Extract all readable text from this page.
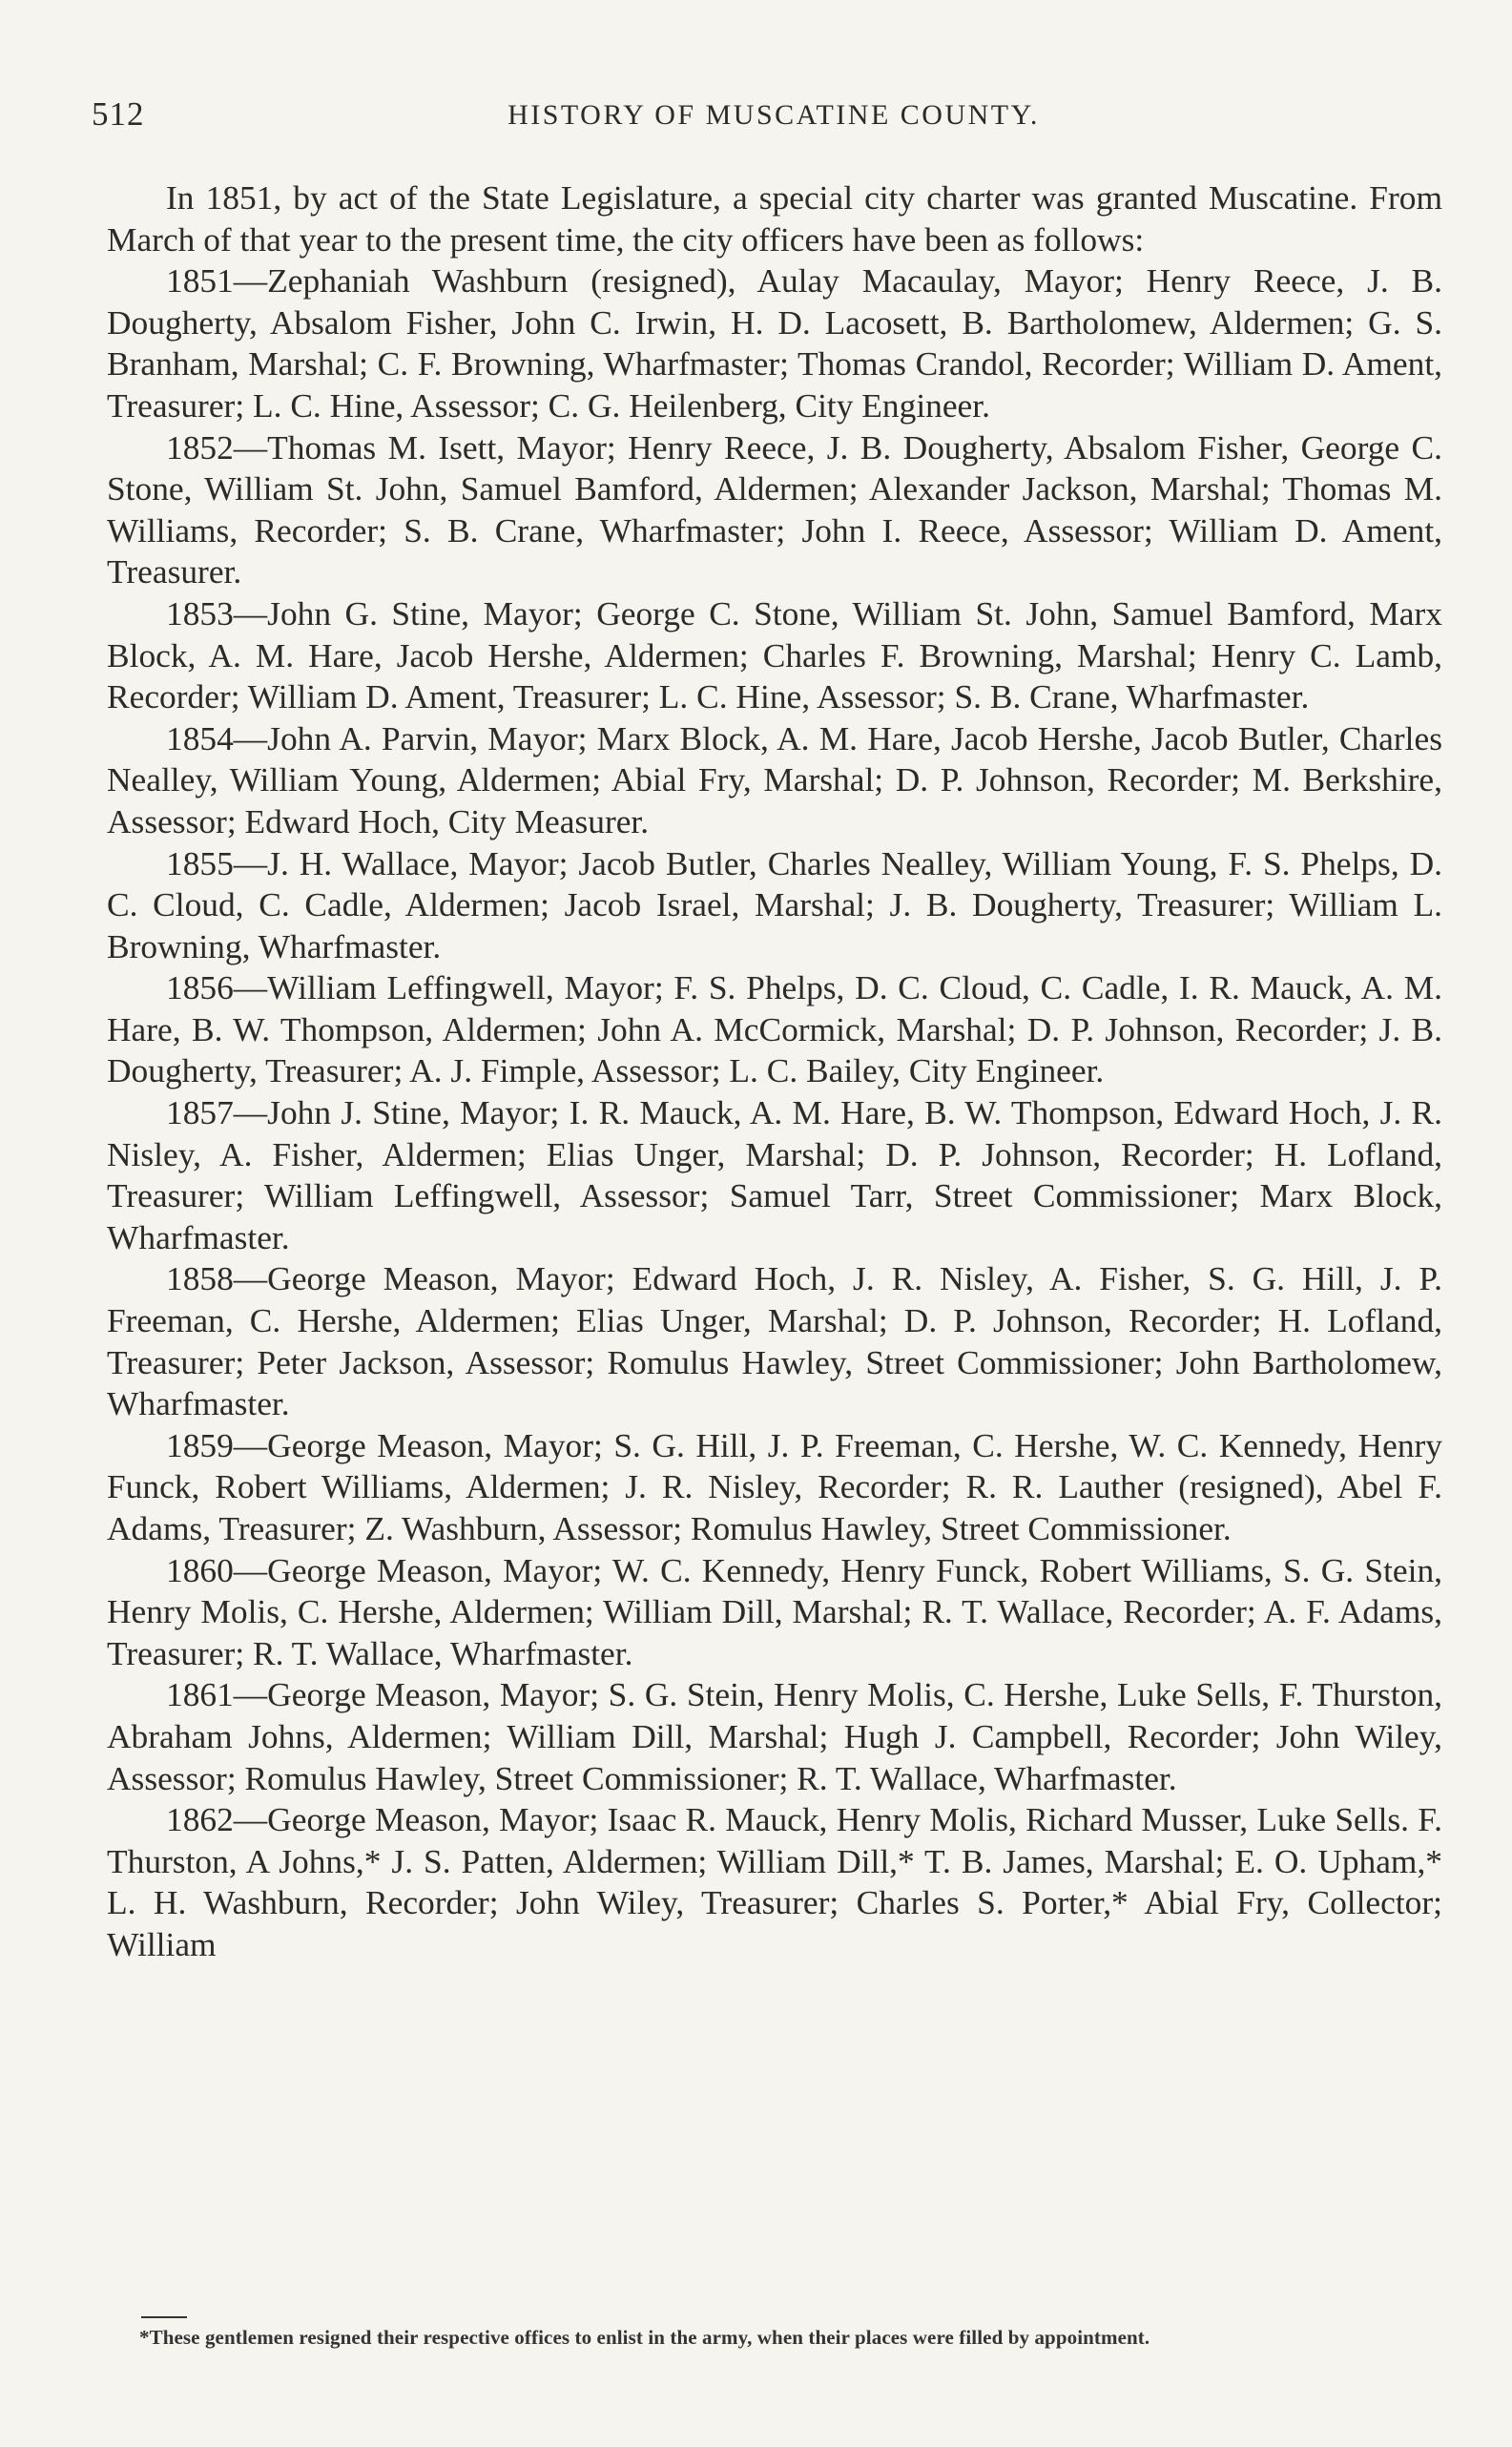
512	HISTORY OF MUSCATINE COUNTY.

In 1851, by act of the State Legislature, a special city charter was granted Muscatine. From March of that year to the present time, the city officers have been as follows:

1851—Zephaniah Washburn (resigned), Aulay Macaulay, Mayor; Henry Reece, J. B. Dougherty, Absalom Fisher, John C. Irwin, H. D. Lacosett, B. Bartholomew, Aldermen; G. S. Branham, Marshal; C. F. Browning, Wharfmaster; Thomas Crandol, Recorder; William D. Ament, Treasurer; L. C. Hine, Assessor; C. G. Heilenberg, City Engineer.

1852—Thomas M. Isett, Mayor; Henry Reece, J. B. Dougherty, Absalom Fisher, George C. Stone, William St. John, Samuel Bamford, Aldermen; Alexander Jackson, Marshal; Thomas M. Williams, Recorder; S. B. Crane, Wharfmaster; John I. Reece, Assessor; William D. Ament, Treasurer.

1853—John G. Stine, Mayor; George C. Stone, William St. John, Samuel Bamford, Marx Block, A. M. Hare, Jacob Hershe, Aldermen; Charles F. Browning, Marshal; Henry C. Lamb, Recorder; William D. Ament, Treasurer; L. C. Hine, Assessor; S. B. Crane, Wharfmaster.

1854—John A. Parvin, Mayor; Marx Block, A. M. Hare, Jacob Hershe, Jacob Butler, Charles Nealley, William Young, Aldermen; Abial Fry, Marshal; D. P. Johnson, Recorder; M. Berkshire, Assessor; Edward Hoch, City Measurer.

1855—J. H. Wallace, Mayor; Jacob Butler, Charles Nealley, William Young, F. S. Phelps, D. C. Cloud, C. Cadle, Aldermen; Jacob Israel, Marshal; J. B. Dougherty, Treasurer; William L. Browning, Wharfmaster.

1856—William Leffingwell, Mayor; F. S. Phelps, D. C. Cloud, C. Cadle, I. R. Mauck, A. M. Hare, B. W. Thompson, Aldermen; John A. McCormick, Marshal; D. P. Johnson, Recorder; J. B. Dougherty, Treasurer; A. J. Fimple, Assessor; L. C. Bailey, City Engineer.

1857—John J. Stine, Mayor; I. R. Mauck, A. M. Hare, B. W. Thompson, Edward Hoch, J. R. Nisley, A. Fisher, Aldermen; Elias Unger, Marshal; D. P. Johnson, Recorder; H. Lofland, Treasurer; William Leffingwell, Assessor; Samuel Tarr, Street Commissioner; Marx Block, Wharfmaster.

1858—George Meason, Mayor; Edward Hoch, J. R. Nisley, A. Fisher, S. G. Hill, J. P. Freeman, C. Hershe, Aldermen; Elias Unger, Marshal; D. P. Johnson, Recorder; H. Lofland, Treasurer; Peter Jackson, Assessor; Romulus Hawley, Street Commissioner; John Bartholomew, Wharfmaster.

1859—George Meason, Mayor; S. G. Hill, J. P. Freeman, C. Hershe, W. C. Kennedy, Henry Funck, Robert Williams, Aldermen; J. R. Nisley, Recorder; R. R. Lauther (resigned), Abel F. Adams, Treasurer; Z. Washburn, Assessor; Romulus Hawley, Street Commissioner.

1860—George Meason, Mayor; W. C. Kennedy, Henry Funck, Robert Williams, S. G. Stein, Henry Molis, C. Hershe, Aldermen; William Dill, Marshal; R. T. Wallace, Recorder; A. F. Adams, Treasurer; R. T. Wallace, Wharfmaster.

1861—George Meason, Mayor; S. G. Stein, Henry Molis, C. Hershe, Luke Sells, F. Thurston, Abraham Johns, Aldermen; William Dill, Marshal; Hugh J. Campbell, Recorder; John Wiley, Assessor; Romulus Hawley, Street Commissioner; R. T. Wallace, Wharfmaster.

1862—George Meason, Mayor; Isaac R. Mauck, Henry Molis, Richard Musser, Luke Sells. F. Thurston, A Johns,* J. S. Patten, Aldermen; William Dill,* T. B. James, Marshal; E. O. Upham,* L. H. Washburn, Recorder; John Wiley, Treasurer; Charles S. Porter,* Abial Fry, Collector; William

*These gentlemen resigned their respective offices to enlist in the army, when their places were filled by appointment.
